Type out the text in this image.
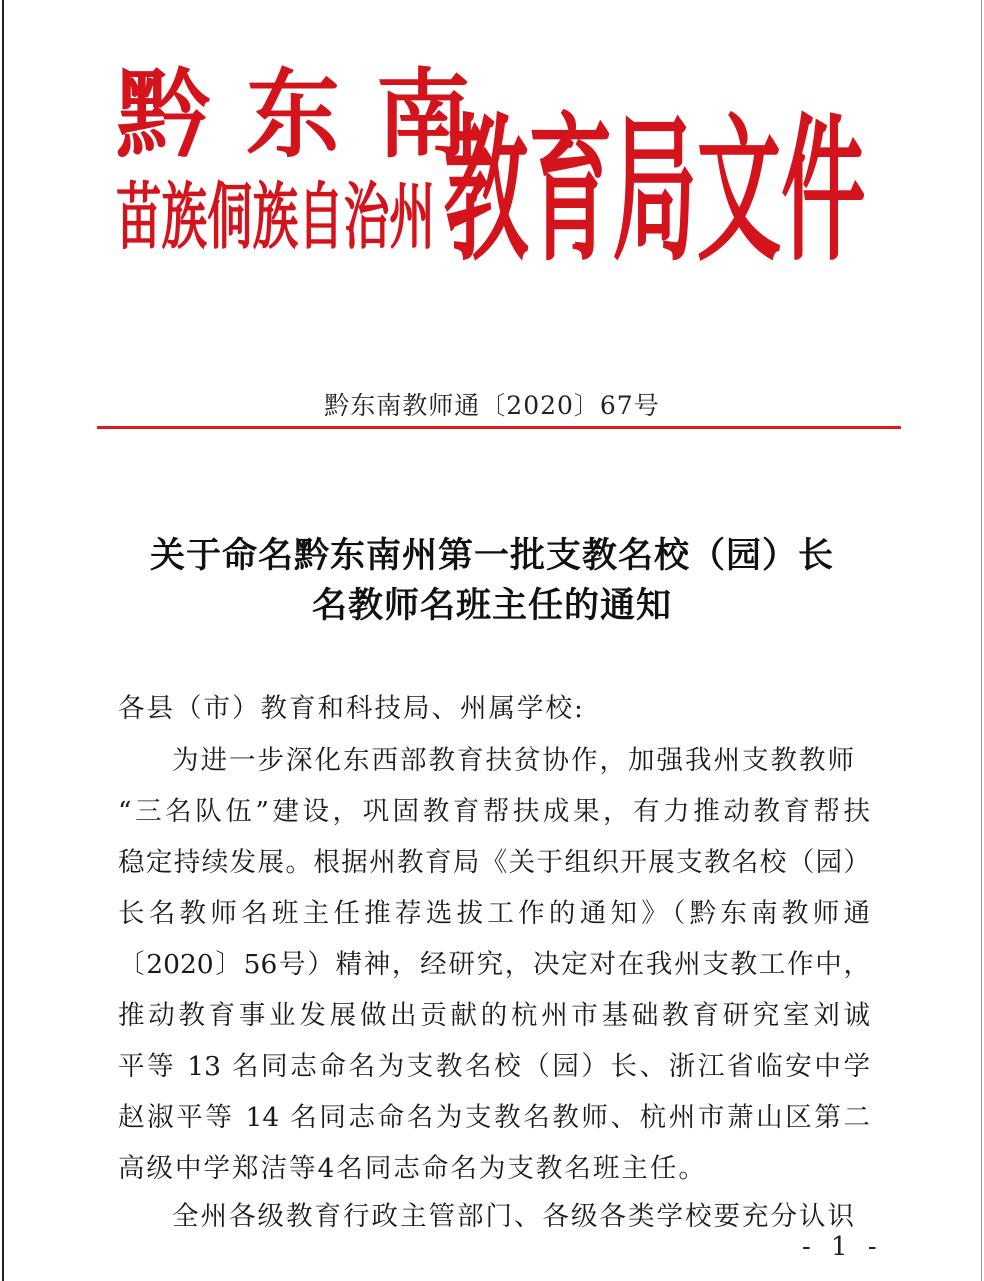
黔东南
苗族侗族自治州 教育局文件
黔东南教师通〔2020〕67号
关于命名黔东南州第一批支教名校（园）长
名教师名班主任的通知
各县（市）教育和科技局、州属学校:
为进一步深化东西部教育扶贫协作，加强我州支教教师
“三名队伍”建设，巩固教育帮扶成果，有力推动教育帮扶
稳定持续发展。根据州教育局《关于组织开展支教名校（园）
长名教师名班主任推荐选拔工作的通知》（黔东南教师通
〔2020〕56号）精神，经研究，决定对在我州支教工作中，
推动教育事业发展做出贡献的杭州市基础教育研究室刘诚
平等 13 名同志命名为支教名校（园）长、浙江省临安中学
赵淑平等 14 名同志命名为支教名教师、杭州市萧山区第二
高级中学郑洁等4名同志命名为支教名班主任。
全州各级教育行政主管部门、各级各类学校要充分认识
- 1 -
